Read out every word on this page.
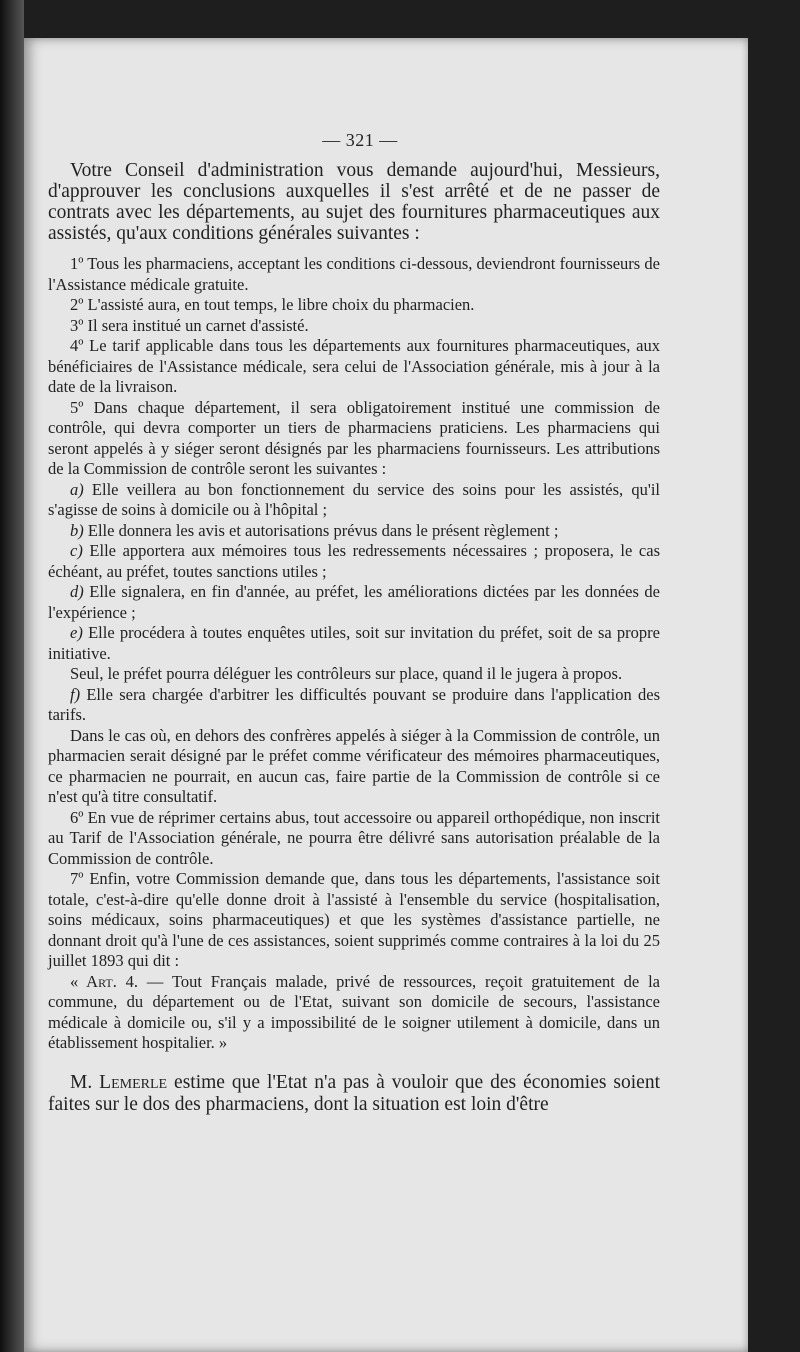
— 321 —

Votre Conseil d'administration vous demande aujourd'hui, Messieurs, d'approuver les conclusions auxquelles il s'est arrêté et de ne passer de contrats avec les départements, au sujet des fournitures pharmaceutiques aux assistés, qu'aux conditions générales suivantes :

1º Tous les pharmaciens, acceptant les conditions ci-dessous, deviendront fournisseurs de l'Assistance médicale gratuite.

2º L'assisté aura, en tout temps, le libre choix du pharmacien.

3º Il sera institué un carnet d'assisté.

4º Le tarif applicable dans tous les départements aux fournitures pharmaceutiques, aux bénéficiaires de l'Assistance médicale, sera celui de l'Association générale, mis à jour à la date de la livraison.

5º Dans chaque département, il sera obligatoirement institué une commission de contrôle, qui devra comporter un tiers de pharmaciens praticiens. Les pharmaciens qui seront appelés à y siéger seront désignés par les pharmaciens fournisseurs. Les attributions de la Commission de contrôle seront les suivantes :

a) Elle veillera au bon fonctionnement du service des soins pour les assistés, qu'il s'agisse de soins à domicile ou à l'hôpital ;

b) Elle donnera les avis et autorisations prévus dans le présent règlement ;

c) Elle apportera aux mémoires tous les redressements nécessaires ; proposera, le cas échéant, au préfet, toutes sanctions utiles ;

d) Elle signalera, en fin d'année, au préfet, les améliorations dictées par les données de l'expérience ;

e) Elle procédera à toutes enquêtes utiles, soit sur invitation du préfet, soit de sa propre initiative.

Seul, le préfet pourra déléguer les contrôleurs sur place, quand il le jugera à propos.

f) Elle sera chargée d'arbitrer les difficultés pouvant se produire dans l'application des tarifs.

Dans le cas où, en dehors des confrères appelés à siéger à la Commission de contrôle, un pharmacien serait désigné par le préfet comme vérificateur des mémoires pharmaceutiques, ce pharmacien ne pourrait, en aucun cas, faire partie de la Commission de contrôle si ce n'est qu'à titre consultatif.

6º En vue de réprimer certains abus, tout accessoire ou appareil orthopédique, non inscrit au Tarif de l'Association générale, ne pourra être délivré sans autorisation préalable de la Commission de contrôle.

7º Enfin, votre Commission demande que, dans tous les départements, l'assistance soit totale, c'est-à-dire qu'elle donne droit à l'assisté à l'ensemble du service (hospitalisation, soins médicaux, soins pharmaceutiques) et que les systèmes d'assistance partielle, ne donnant droit qu'à l'une de ces assistances, soient supprimés comme contraires à la loi du 25 juillet 1893 qui dit :

« Art. 4. — Tout Français malade, privé de ressources, reçoit gratuitement de la commune, du département ou de l'Etat, suivant son domicile de secours, l'assistance médicale à domicile ou, s'il y a impossibilité de le soigner utilement à domicile, dans un établissement hospitalier. »

M. Lemerle estime que l'Etat n'a pas à vouloir que des économies soient faites sur le dos des pharmaciens, dont la situation est loin d'être
